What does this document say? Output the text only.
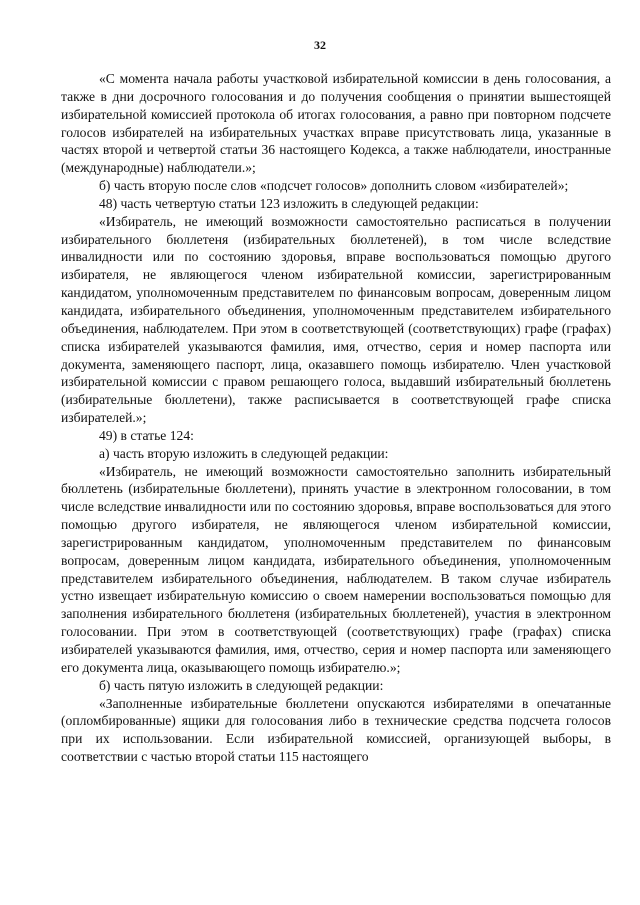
32

«С момента начала работы участковой избирательной комиссии в день голосования, а также в дни досрочного голосования и до получения сообщения о принятии вышестоящей избирательной комиссией протокола об итогах голосования, а равно при повторном подсчете голосов избирателей на избирательных участках вправе присутствовать лица, указанные в частях второй и четвертой статьи 36 настоящего Кодекса, а также наблюдатели, иностранные (международные) наблюдатели.»;

б) часть вторую после слов «подсчет голосов» дополнить словом «избирателей»;

48) часть четвертую статьи 123 изложить в следующей редакции:

«Избиратель, не имеющий возможности самостоятельно расписаться в получении избирательного бюллетеня (избирательных бюллетеней), в том числе вследствие инвалидности или по состоянию здоровья, вправе воспользоваться помощью другого избирателя, не являющегося членом избирательной комиссии, зарегистрированным кандидатом, уполномоченным представителем по финансовым вопросам, доверенным лицом кандидата, избирательного объединения, уполномоченным представителем избирательного объединения, наблюдателем. При этом в соответствующей (соответствующих) графе (графах) списка избирателей указываются фамилия, имя, отчество, серия и номер паспорта или документа, заменяющего паспорт, лица, оказавшего помощь избирателю. Член участковой избирательной комиссии с правом решающего голоса, выдавший избирательный бюллетень (избирательные бюллетени), также расписывается в соответствующей графе списка избирателей.»;

49) в статье 124:

а) часть вторую изложить в следующей редакции:

«Избиратель, не имеющий возможности самостоятельно заполнить избирательный бюллетень (избирательные бюллетени), принять участие в электронном голосовании, в том числе вследствие инвалидности или по состоянию здоровья, вправе воспользоваться для этого помощью другого избирателя, не являющегося членом избирательной комиссии, зарегистрированным кандидатом, уполномоченным представителем по финансовым вопросам, доверенным лицом кандидата, избирательного объединения, уполномоченным представителем избирательного объединения, наблюдателем. В таком случае избиратель устно извещает избирательную комиссию о своем намерении воспользоваться помощью для заполнения избирательного бюллетеня (избирательных бюллетеней), участия в электронном голосовании. При этом в соответствующей (соответствующих) графе (графах) списка избирателей указываются фамилия, имя, отчество, серия и номер паспорта или заменяющего его документа лица, оказывающего помощь избирателю.»;

б) часть пятую изложить в следующей редакции:

«Заполненные избирательные бюллетени опускаются избирателями в опечатанные (опломбированные) ящики для голосования либо в технические средства подсчета голосов при их использовании. Если избирательной комиссией, организующей выборы, в соответствии с частью второй статьи 115 настоящего
